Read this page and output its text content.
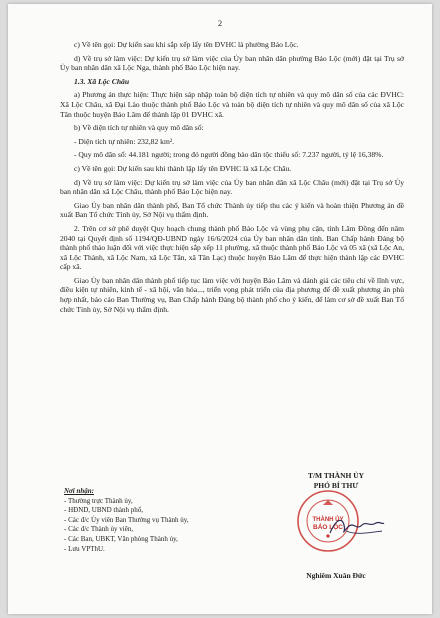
2

c) Về tên gọi: Dự kiến sau khi sắp xếp lấy tên ĐVHC là phường Bảo Lộc.

d) Về trụ sở làm việc: Dự kiến trụ sở làm việc của Ủy ban nhân dân phường Bảo Lộc (mới) đặt tại Trụ sở Ủy ban nhân dân xã Lộc Nga, thành phố Bảo Lộc hiện nay.

1.3. Xã Lộc Châu

a) Phương án thực hiện: Thực hiện sáp nhập toàn bộ diện tích tự nhiên và quy mô dân số của các ĐVHC: Xã Lộc Châu, xã Đại Lào thuộc thành phố Bảo Lộc và toàn bộ diện tích tự nhiên và quy mô dân số của xã Lộc Tân thuộc huyện Bảo Lâm để thành lập 01 ĐVHC xã.

b) Về diện tích tự nhiên và quy mô dân số:

- Diện tích tự nhiên: 232,82 km².

- Quy mô dân số: 44.181 người; trong đó người đồng bào dân tộc thiểu số: 7.237 người, tỷ lệ 16,38%.

c) Về tên gọi: Dự kiến sau khi thành lập lấy tên ĐVHC là xã Lộc Châu.

d) Về trụ sở làm việc: Dự kiến trụ sở làm việc của Ủy ban nhân dân xã Lộc Châu (mới) đặt tại Trụ sở Ủy ban nhân dân xã Lộc Châu, thành phố Bảo Lộc hiện nay.

Giao Ủy ban nhân dân thành phố, Ban Tổ chức Thành ủy tiếp thu các ý kiến và hoàn thiện Phương án đề xuất Ban Tổ chức Tỉnh ủy, Sở Nội vụ thẩm định.

2. Trên cơ sở phê duyệt Quy hoạch chung thành phố Bảo Lộc và vùng phụ cận, tỉnh Lâm Đồng đến năm 2040 tại Quyết định số 1194/QĐ-UBND ngày 16/6/2024 của Ủy ban nhân dân tỉnh. Ban Chấp hành Đảng bộ thành phố thảo luận đối với việc thực hiện sắp xếp 11 phường, xã thuộc thành phố Bảo Lộc và 05 xã (xã Lộc An, xã Lộc Thành, xã Lộc Nam, xã Lộc Tân, xã Tân Lạc) thuộc huyện Bảo Lâm để thực hiện thành lập các ĐVHC cấp xã.

Giao Ủy ban nhân dân thành phố tiếp tục làm việc với huyện Bảo Lâm và đánh giá các tiêu chí về lĩnh vực, điều kiện tự nhiên, kinh tế - xã hội, văn hóa..., triển vọng phát triển của địa phương để đề xuất phương án phù hợp nhất, báo cáo Ban Thường vụ, Ban Chấp hành Đảng bộ thành phố cho ý kiến, để làm cơ sở đề xuất Ban Tổ chức Tỉnh ủy, Sở Nội vụ thẩm định.

Nơi nhận:
- Thường trực Thành ủy,
- HĐND, UBND thành phố,
- Các đ/c Ủy viên Ban Thường vụ Thành ủy,
- Các đ/c Thành ủy viên,
- Các Ban, UBKT, Văn phòng Thành ủy,
- Lưu VPThU.
T/M THÀNH ỦY
PHÓ BÍ THƯ
THÀNH ỦY
BẢO LỘC
Nghiêm Xuân Đức
